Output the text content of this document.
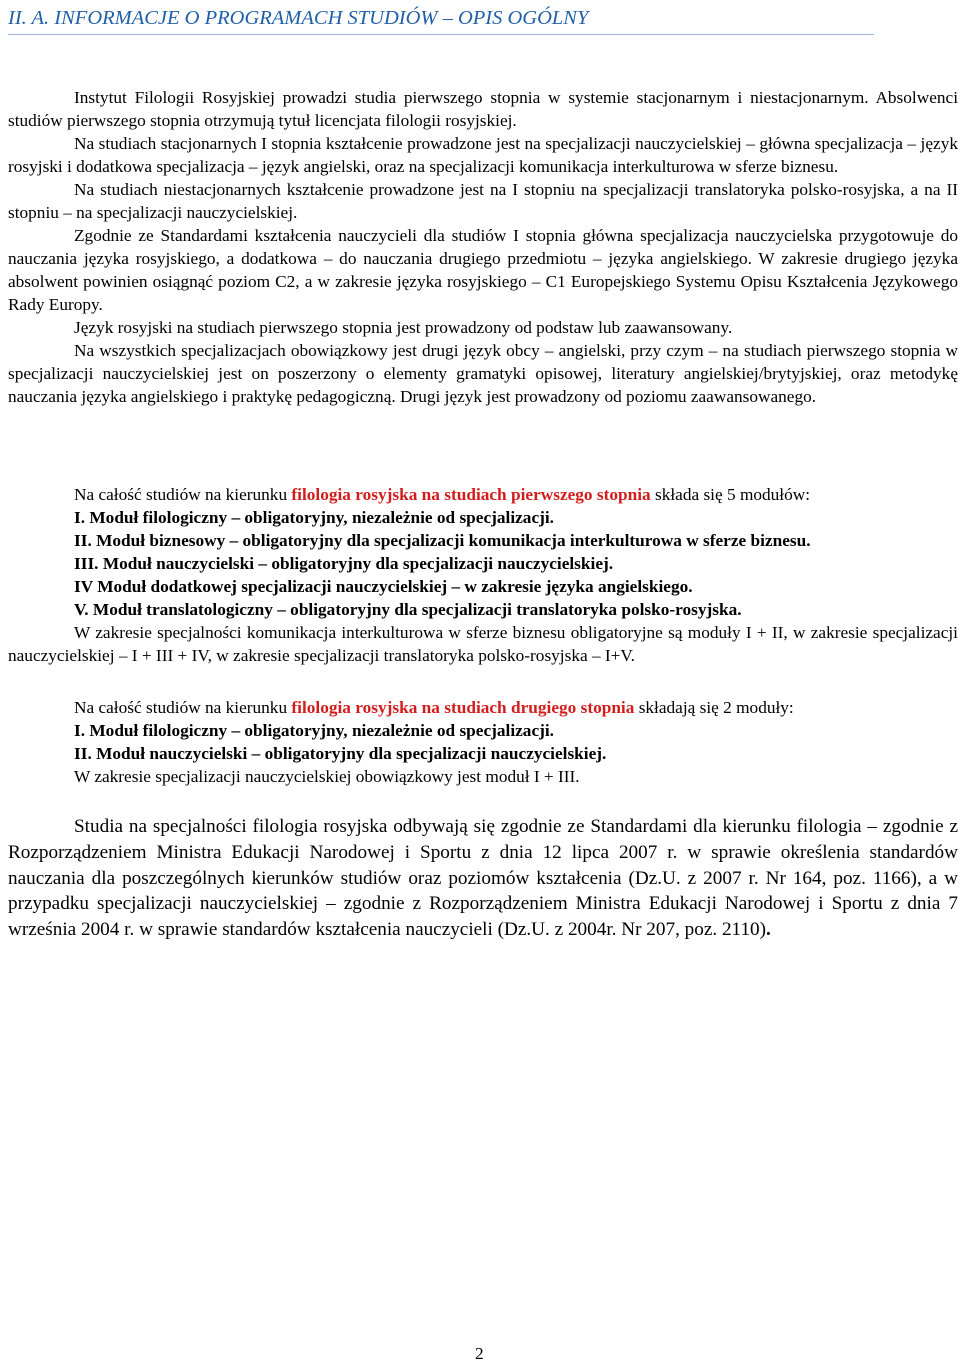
II. A. INFORMACJE O PROGRAMACH STUDIÓW – OPIS OGÓLNY

Instytut Filologii Rosyjskiej prowadzi studia pierwszego stopnia w systemie stacjonarnym i niestacjonarnym. Absolwenci studiów pierwszego stopnia otrzymują tytuł licencjata filologii rosyjskiej.

Na studiach stacjonarnych I stopnia kształcenie prowadzone jest na specjalizacji nauczycielskiej – główna specjalizacja – język rosyjski i dodatkowa specjalizacja – język angielski, oraz na specjalizacji komunikacja interkulturowa w sferze biznesu.

Na studiach niestacjonarnych kształcenie prowadzone jest na I stopniu na specjalizacji translatoryka polsko-rosyjska, a na II stopniu – na specjalizacji nauczycielskiej.

Zgodnie ze Standardami kształcenia nauczycieli dla studiów I stopnia główna specjalizacja nauczycielska przygotowuje do nauczania języka rosyjskiego, a dodatkowa – do nauczania drugiego przedmiotu – języka angielskiego. W zakresie drugiego języka absolwent powinien osiągnąć poziom C2, a w zakresie języka rosyjskiego – C1 Europejskiego Systemu Opisu Kształcenia Językowego Rady Europy.

Język rosyjski na studiach pierwszego stopnia jest prowadzony od podstaw lub zaawansowany.

Na wszystkich specjalizacjach obowiązkowy jest drugi język obcy – angielski, przy czym – na studiach pierwszego stopnia w specjalizacji nauczycielskiej jest on poszerzony o elementy gramatyki opisowej, literatury angielskiej/brytyjskiej, oraz metodykę nauczania języka angielskiego i praktykę pedagogiczną. Drugi język jest prowadzony od poziomu zaawansowanego.

Na całość studiów na kierunku filologia rosyjska na studiach pierwszego stopnia składa się 5 modułów:
I. Moduł filologiczny – obligatoryjny, niezależnie od specjalizacji.
II. Moduł biznesowy – obligatoryjny dla specjalizacji komunikacja interkulturowa w sferze biznesu.
III. Moduł nauczycielski – obligatoryjny dla specjalizacji nauczycielskiej.
IV Moduł dodatkowej specjalizacji nauczycielskiej – w zakresie języka angielskiego.
V. Moduł translatologiczny – obligatoryjny dla specjalizacji translatoryka polsko-rosyjska.

W zakresie specjalności komunikacja interkulturowa w sferze biznesu obligatoryjne są moduły I + II, w zakresie specjalizacji nauczycielskiej – I + III + IV, w zakresie specjalizacji translatoryka polsko-rosyjska – I+V.

Na całość studiów na kierunku filologia rosyjska na studiach drugiego stopnia składają się 2 moduły:
I. Moduł filologiczny – obligatoryjny, niezależnie od specjalizacji.
II. Moduł nauczycielski – obligatoryjny dla specjalizacji nauczycielskiej.
W zakresie specjalizacji nauczycielskiej obowiązkowy jest moduł I + III.

Studia na specjalności filologia rosyjska odbywają się zgodnie ze Standardami dla kierunku filologia – zgodnie z Rozporządzeniem Ministra Edukacji Narodowej i Sportu z dnia 12 lipca 2007 r. w sprawie określenia standardów nauczania dla poszczególnych kierunków studiów oraz poziomów kształcenia (Dz.U. z 2007 r. Nr 164, poz. 1166), a w przypadku specjalizacji nauczycielskiej – zgodnie z Rozporządzeniem Ministra Edukacji Narodowej i Sportu z dnia 7 września 2004 r. w sprawie standardów kształcenia nauczycieli (Dz.U. z 2004r. Nr 207, poz. 2110).

2
